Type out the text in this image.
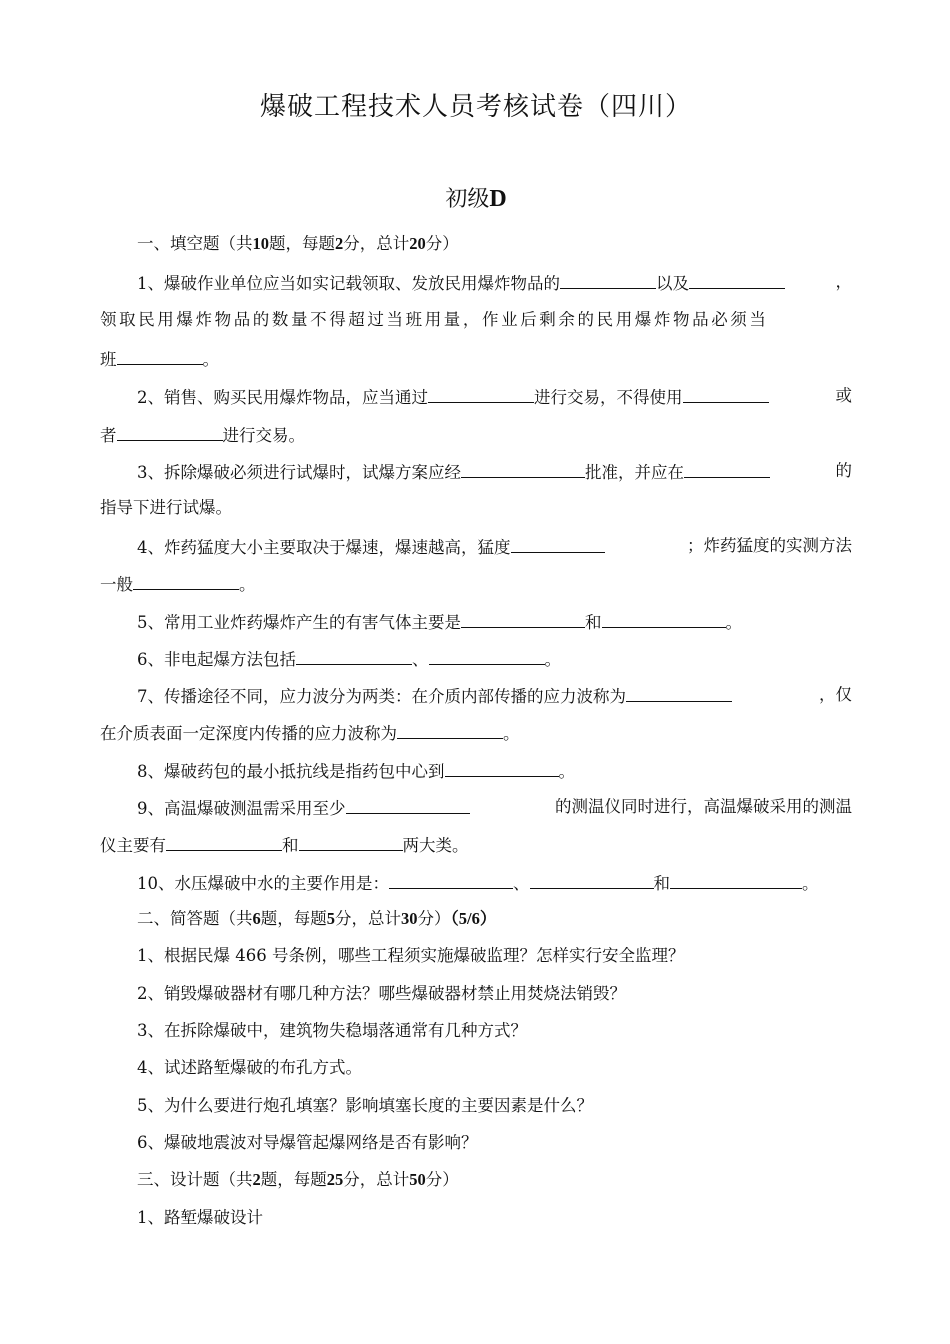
爆破工程技术人员考核试卷（四川）
初级D
一、填空题（共10题，每题2分，总计20分）
1、爆破作业单位应当如实记载领取、发放民用爆炸物品的	以及	，
领取民用爆炸物品的数量不得超过当班用量，作业后剩余的民用爆炸物品必须当
班	。
2、销售、购买民用爆炸物品，应当通过	进行交易，不得使用	或
者	进行交易。
3、拆除爆破必须进行试爆时，试爆方案应经	批准，并应在	的
指导下进行试爆。
4、炸药猛度大小主要取决于爆速，爆速越高，猛度	；炸药猛度的实测方法
一般	。
5、常用工业炸药爆炸产生的有害气体主要是	和	。
6、非电起爆方法包括	、	。
7、传播途径不同，应力波分为两类：在介质内部传播的应力波称为	，仅
在介质表面一定深度内传播的应力波称为	。
8、爆破药包的最小抵抗线是指药包中心到	。
9、高温爆破测温需采用至少	的测温仪同时进行，高温爆破采用的测温
仪主要有	和	两大类。
10、水压爆破中水的主要作用是：	、	和	。
二、简答题（共6题，每题5分，总计30分）（5/6）
1、根据民爆 466 号条例，哪些工程须实施爆破监理？怎样实行安全监理？
2、销毁爆破器材有哪几种方法？哪些爆破器材禁止用焚烧法销毁？
3、在拆除爆破中，建筑物失稳塌落通常有几种方式？
4、试述路堑爆破的布孔方式。
5、为什么要进行炮孔填塞？影响填塞长度的主要因素是什么？
6、爆破地震波对导爆管起爆网络是否有影响？
三、设计题（共2题，每题25分，总计50分）
1、路堑爆破设计
